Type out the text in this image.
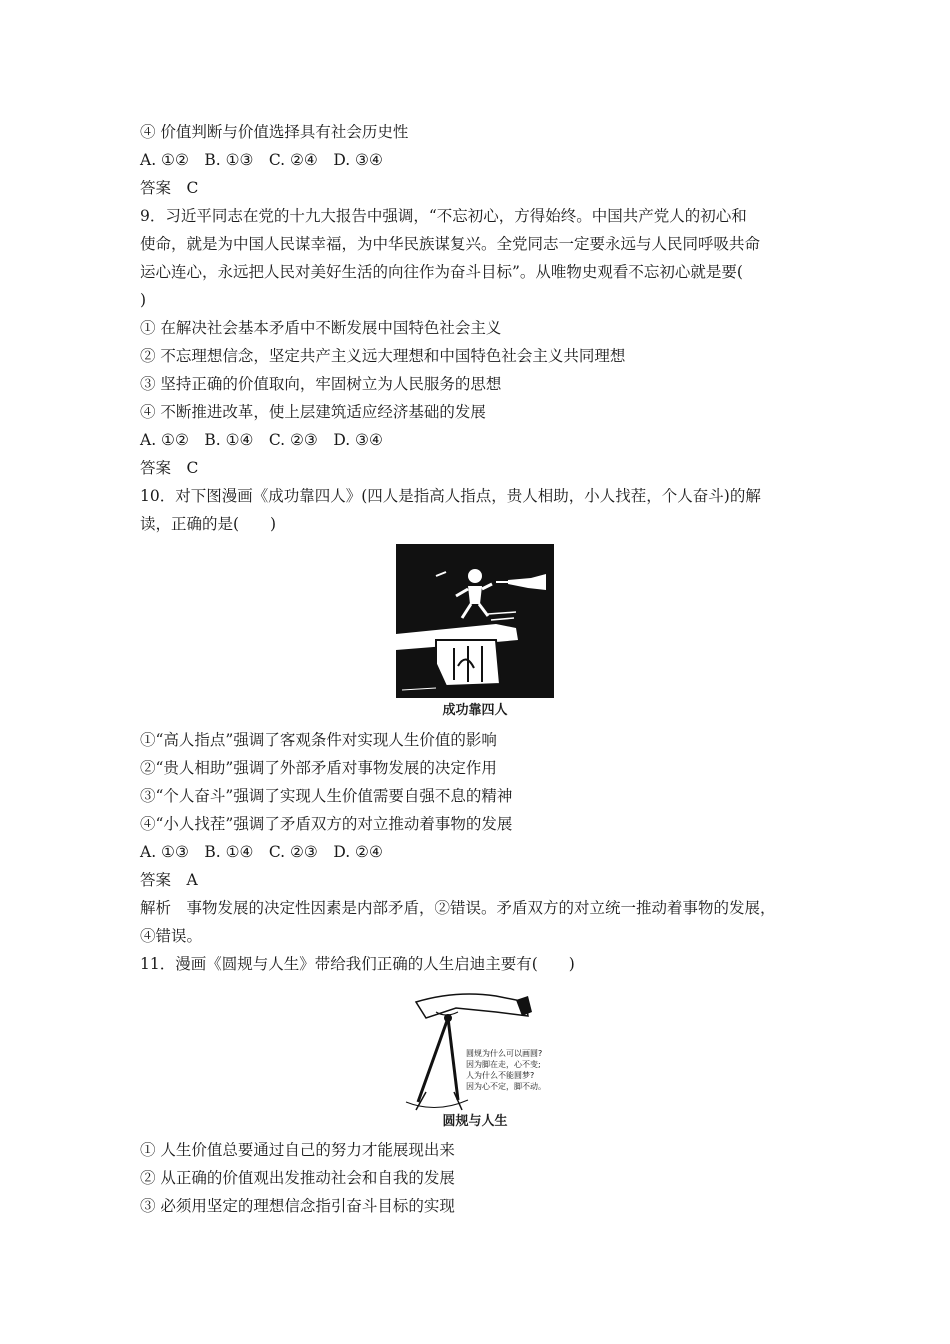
④ 价值判断与价值选择具有社会历史性
A. ①②　B. ①③　C. ②④　D. ③④
答案　C
9．习近平同志在党的十九大报告中强调，“不忘初心，方得始终。中国共产党人的初心和
使命，就是为中国人民谋幸福，为中华民族谋复兴。全党同志一定要永远与人民同呼吸共命
运心连心，永远把人民对美好生活的向往作为奋斗目标”。从唯物史观看不忘初心就是要(
)
① 在解决社会基本矛盾中不断发展中国特色社会主义
② 不忘理想信念，坚定共产主义远大理想和中国特色社会主义共同理想
③ 坚持正确的价值取向，牢固树立为人民服务的思想
④ 不断推进改革，使上层建筑适应经济基础的发展
A. ①②　B. ①④　C. ②③　D. ③④
答案　C
10．对下图漫画《成功靠四人》(四人是指高人指点，贵人相助，小人找茬，个人奋斗)的解
读，正确的是(　　)
成功靠四人
①“高人指点”强调了客观条件对实现人生价值的影响
②“贵人相助”强调了外部矛盾对事物发展的决定作用
③“个人奋斗”强调了实现人生价值需要自强不息的精神
④“小人找茬”强调了矛盾双方的对立推动着事物的发展
A. ①③　B. ①④　C. ②③　D. ②④
答案　A
解析　事物发展的决定性因素是内部矛盾，②错误。矛盾双方的对立统一推动着事物的发展，
④错误。
11．漫画《圆规与人生》带给我们正确的人生启迪主要有(　　)
圆规为什么可以画圆?
因为脚在走，心不变;
人为什么不能圆梦?
因为心不定，脚不动。
圆规与人生
① 人生价值总要通过自己的努力才能展现出来
② 从正确的价值观出发推动社会和自我的发展
③ 必须用坚定的理想信念指引奋斗目标的实现
